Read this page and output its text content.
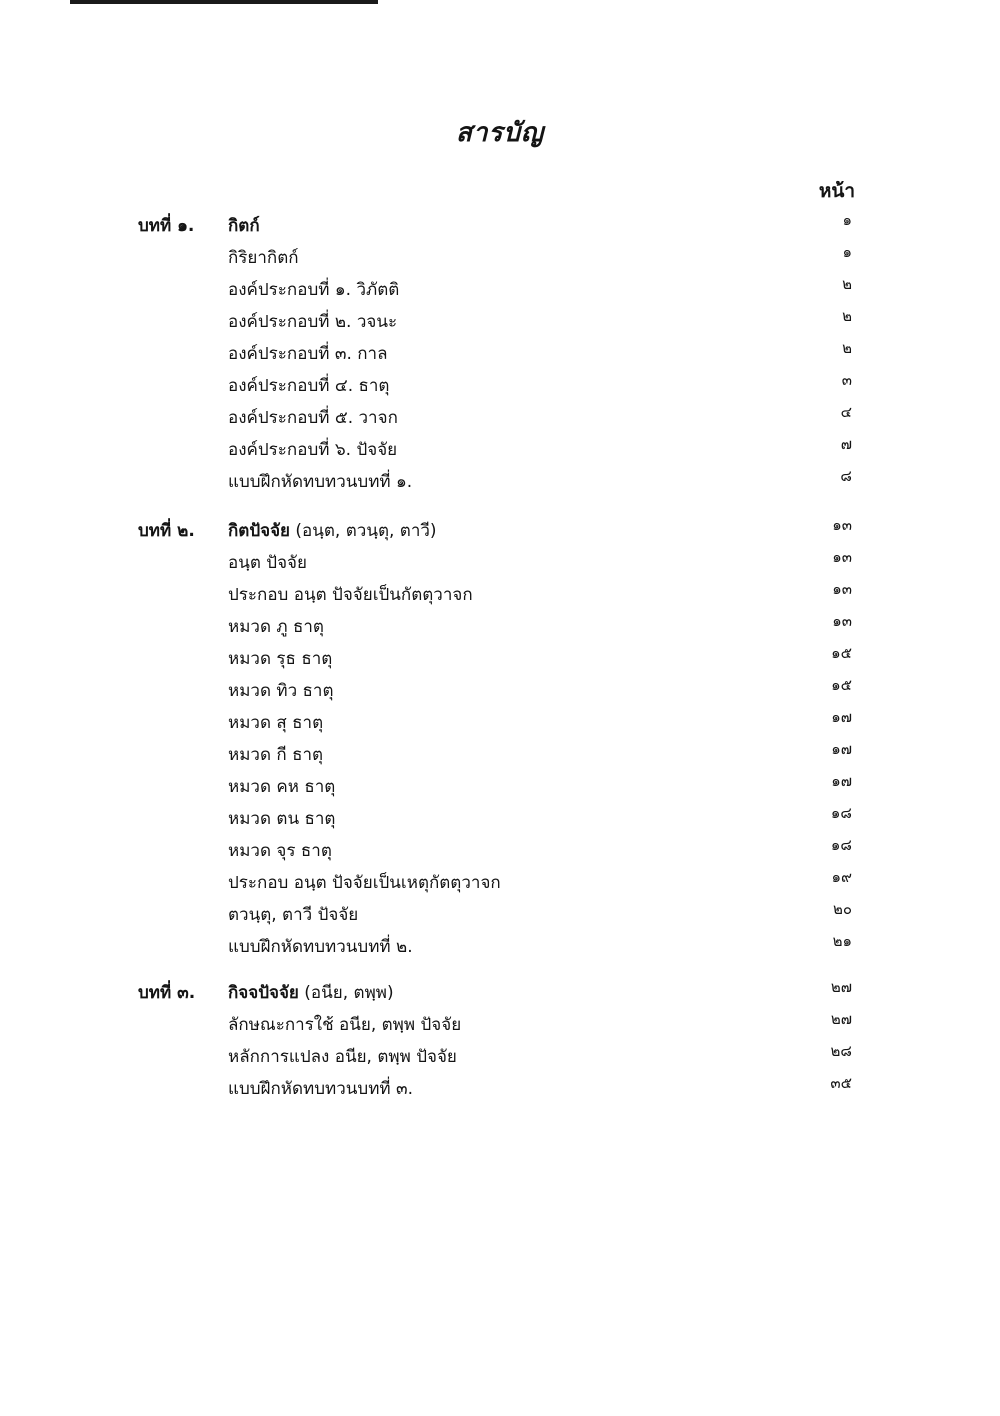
สารบัญ
หน้า
บทที่ ๑. กิตก์	๑
กิริยากิตก์	๑
องค์ประกอบที่ ๑. วิภัตติ	๒
องค์ประกอบที่ ๒. วจนะ	๒
องค์ประกอบที่ ๓. กาล	๒
องค์ประกอบที่ ๔. ธาตุ	๓
องค์ประกอบที่ ๕. วาจก	๔
องค์ประกอบที่ ๖. ปัจจัย	๗
แบบฝึกหัดทบทวนบทที่ ๑.	๘
บทที่ ๒. กิตปัจจัย (อนฺต, ตวนฺตุ, ตาวี)	๑๓
อนฺต ปัจจัย	๑๓
ประกอบ อนฺต ปัจจัยเป็นกัตตุวาจก	๑๓
หมวด ภู ธาตุ	๑๓
หมวด รุธ ธาตุ	๑๕
หมวด ทิว ธาตุ	๑๕
หมวด สุ ธาตุ	๑๗
หมวด กี ธาตุ	๑๗
หมวด คห ธาตุ	๑๗
หมวด ตน ธาตุ	๑๘
หมวด จุร ธาตุ	๑๘
ประกอบ อนฺต ปัจจัยเป็นเหตุกัตตุวาจก	๑๙
ตวนฺตุ, ตาวี ปัจจัย	๒๐
แบบฝึกหัดทบทวนบทที่ ๒.	๒๑
บทที่ ๓. กิจจปัจจัย (อนีย, ตพฺพ)	๒๗
ลักษณะการใช้ อนีย, ตพฺพ ปัจจัย	๒๗
หลักการแปลง อนีย, ตพฺพ ปัจจัย	๒๘
แบบฝึกหัดทบทวนบทที่ ๓.	๓๕
